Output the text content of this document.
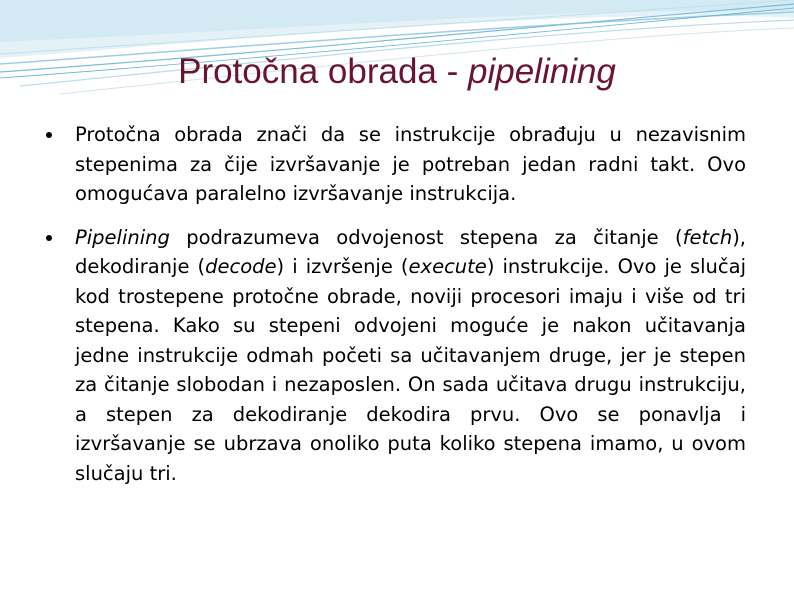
Protočna obrada - pipelining
Protočna obrada znači da se instrukcije obrađuju u nezavisnim stepenima za čije izvršavanje je potreban jedan radni takt. Ovo omogućava paralelno izvršavanje instrukcija.
Pipelining podrazumeva odvojenost stepena za čitanje (fetch), dekodiranje (decode) i izvršenje (execute) instrukcije. Ovo je slučaj kod trostepene protočne obrade, noviji procesori imaju i više od tri stepena. Kako su stepeni odvojeni moguće je nakon učitavanja jedne instrukcije odmah početi sa učitavanjem druge, jer je stepen za čitanje slobodan i nezaposlen. On sada učitava drugu instrukciju, a stepen za dekodiranje dekodira prvu. Ovo se ponavlja i izvršavanje se ubrzava onoliko puta koliko stepena imamo, u ovom slučaju tri.
